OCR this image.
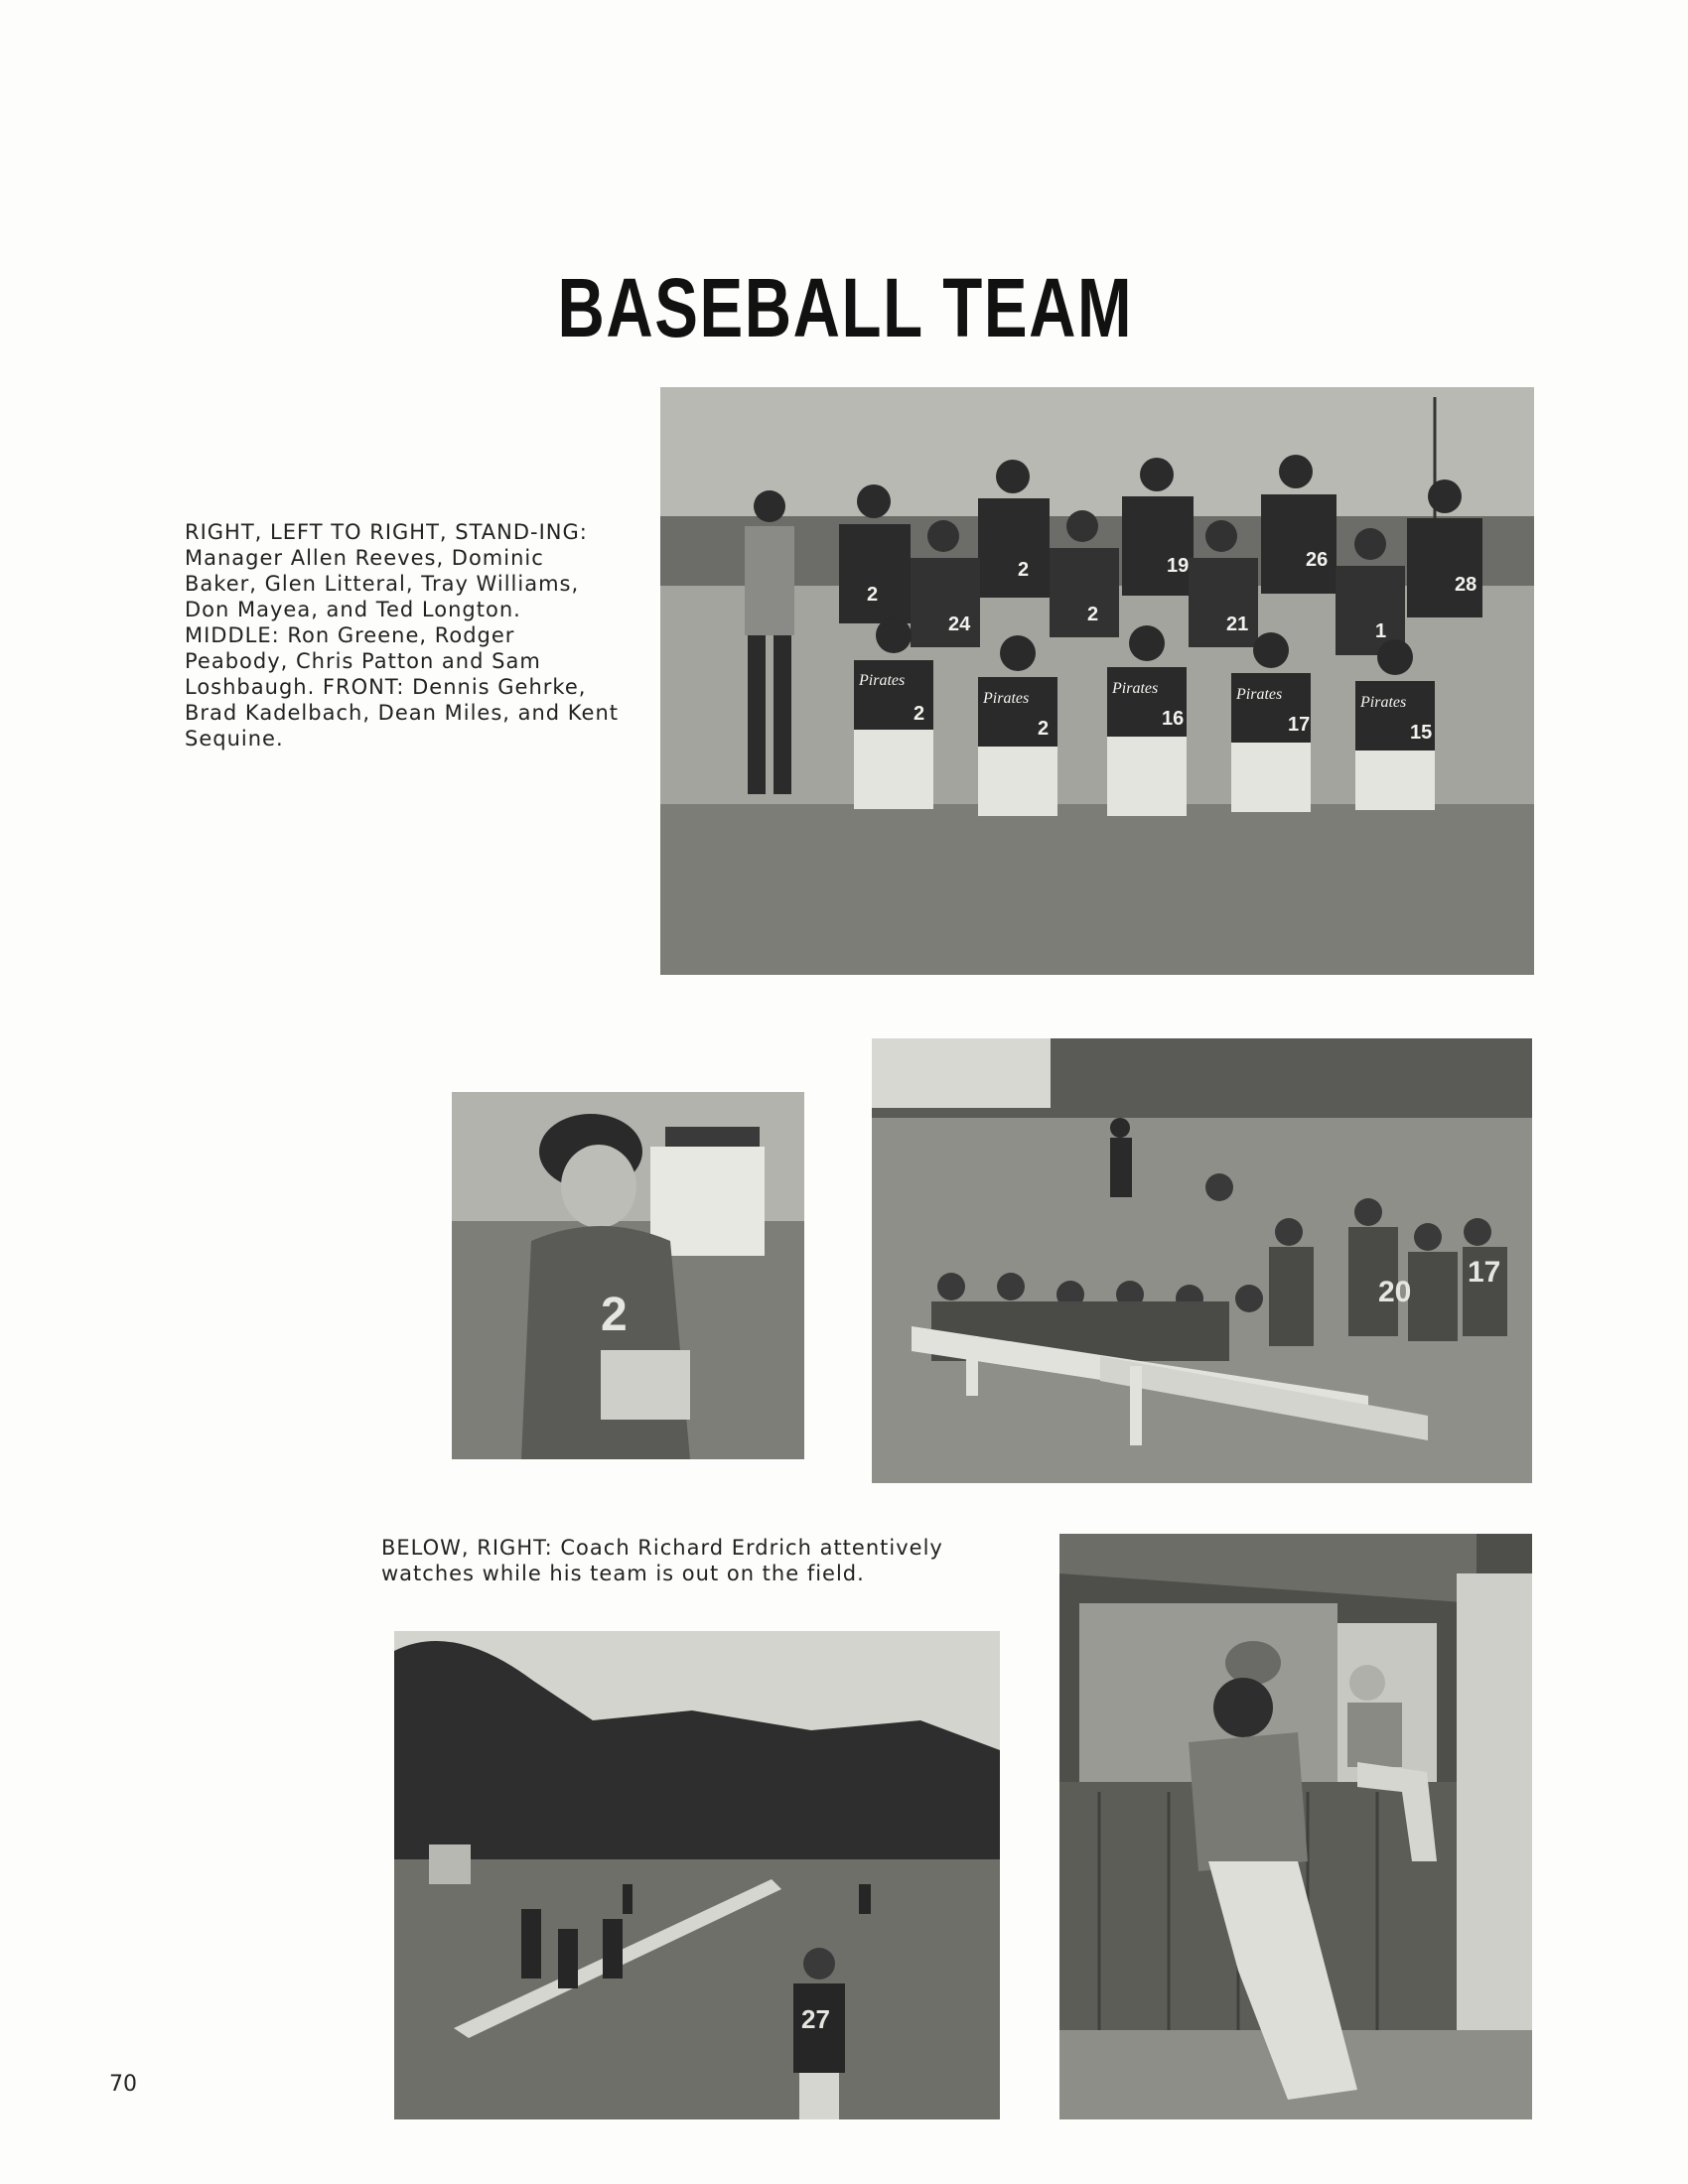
BASEBALL TEAM
RIGHT, LEFT TO RIGHT, STAND-ING: Manager Allen Reeves, Dominic Baker, Glen Litteral, Tray Williams, Don Mayea, and Ted Longton. MIDDLE: Ron Greene, Rodger Peabody, Chris Patton and Sam Loshbaugh. FRONT: Dennis Gehrke, Brad Kadelbach, Dean Miles, and Kent Sequine.
Pirates
Pirates
Pirates	Pirates	Pirates
2
2	16	17	15
2
2	19	26
28
24	2	21	1
2	20
17
BELOW, RIGHT: Coach Richard Erdrich attentively watches while his team is out on the field.
27
70
